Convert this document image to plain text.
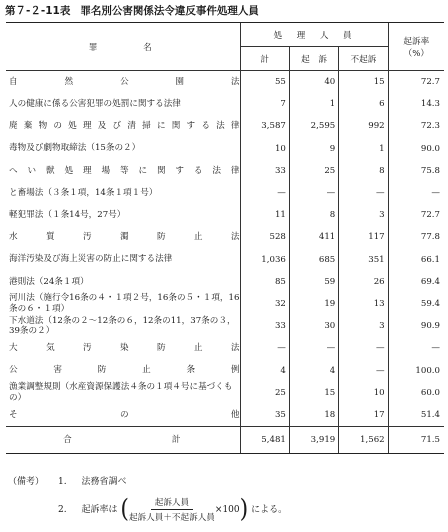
第７-２-11表 罪名別公害関係法令違反事件処理人員
罪　　　名	処　理　人　員			起訴率
（%）

	計	起　訴	不起訴	
自然公園法	55	40	15	72.7
人の健康に係る公害犯罪の処罰に関する法律	7	1	6	14.3
廃棄物の処理及び清掃に関する法律	3,587	2,595	992	72.3
毒物及び劇物取締法（15条の２）	10	9	1	90.0
へい獣処理場等に関する法律	33	25	8	75.8
と畜場法（３条１項，14条１項１号）	—	—	—	—
軽犯罪法（１条14号，27号）	11	8	3	72.7
水質汚濁防止法	528	411	117	77.8
海洋汚染及び海上災害の防止に関する法律	1,036	685	351	66.1
港則法（24条１項）	85	59	26	69.4
河川法（施行令16条の４・１項２号，16条の５・１項，16条の６・１項）	32	19	13	59.4
下水道法（12条の２〜12条の６，12条の11，37条の３，39条の２）	33	30	3	90.9
大気汚染防止法	—	—	—	—
公害防止条例	4	4	—	100.0
漁業調整規則（水産資源保護法４条の１項４号に基づくもの）	25	15	10	60.0
その他	35	18	17	51.4
合　　　　　　　計	5,481	3,919	1,562	71.5
（備考） 1. 法務省調べ
2. 起訴率は ( $\frac{\text{起訴人員}}{\text{起訴人員＋不起訴人員}} \times 100$ ) による。
